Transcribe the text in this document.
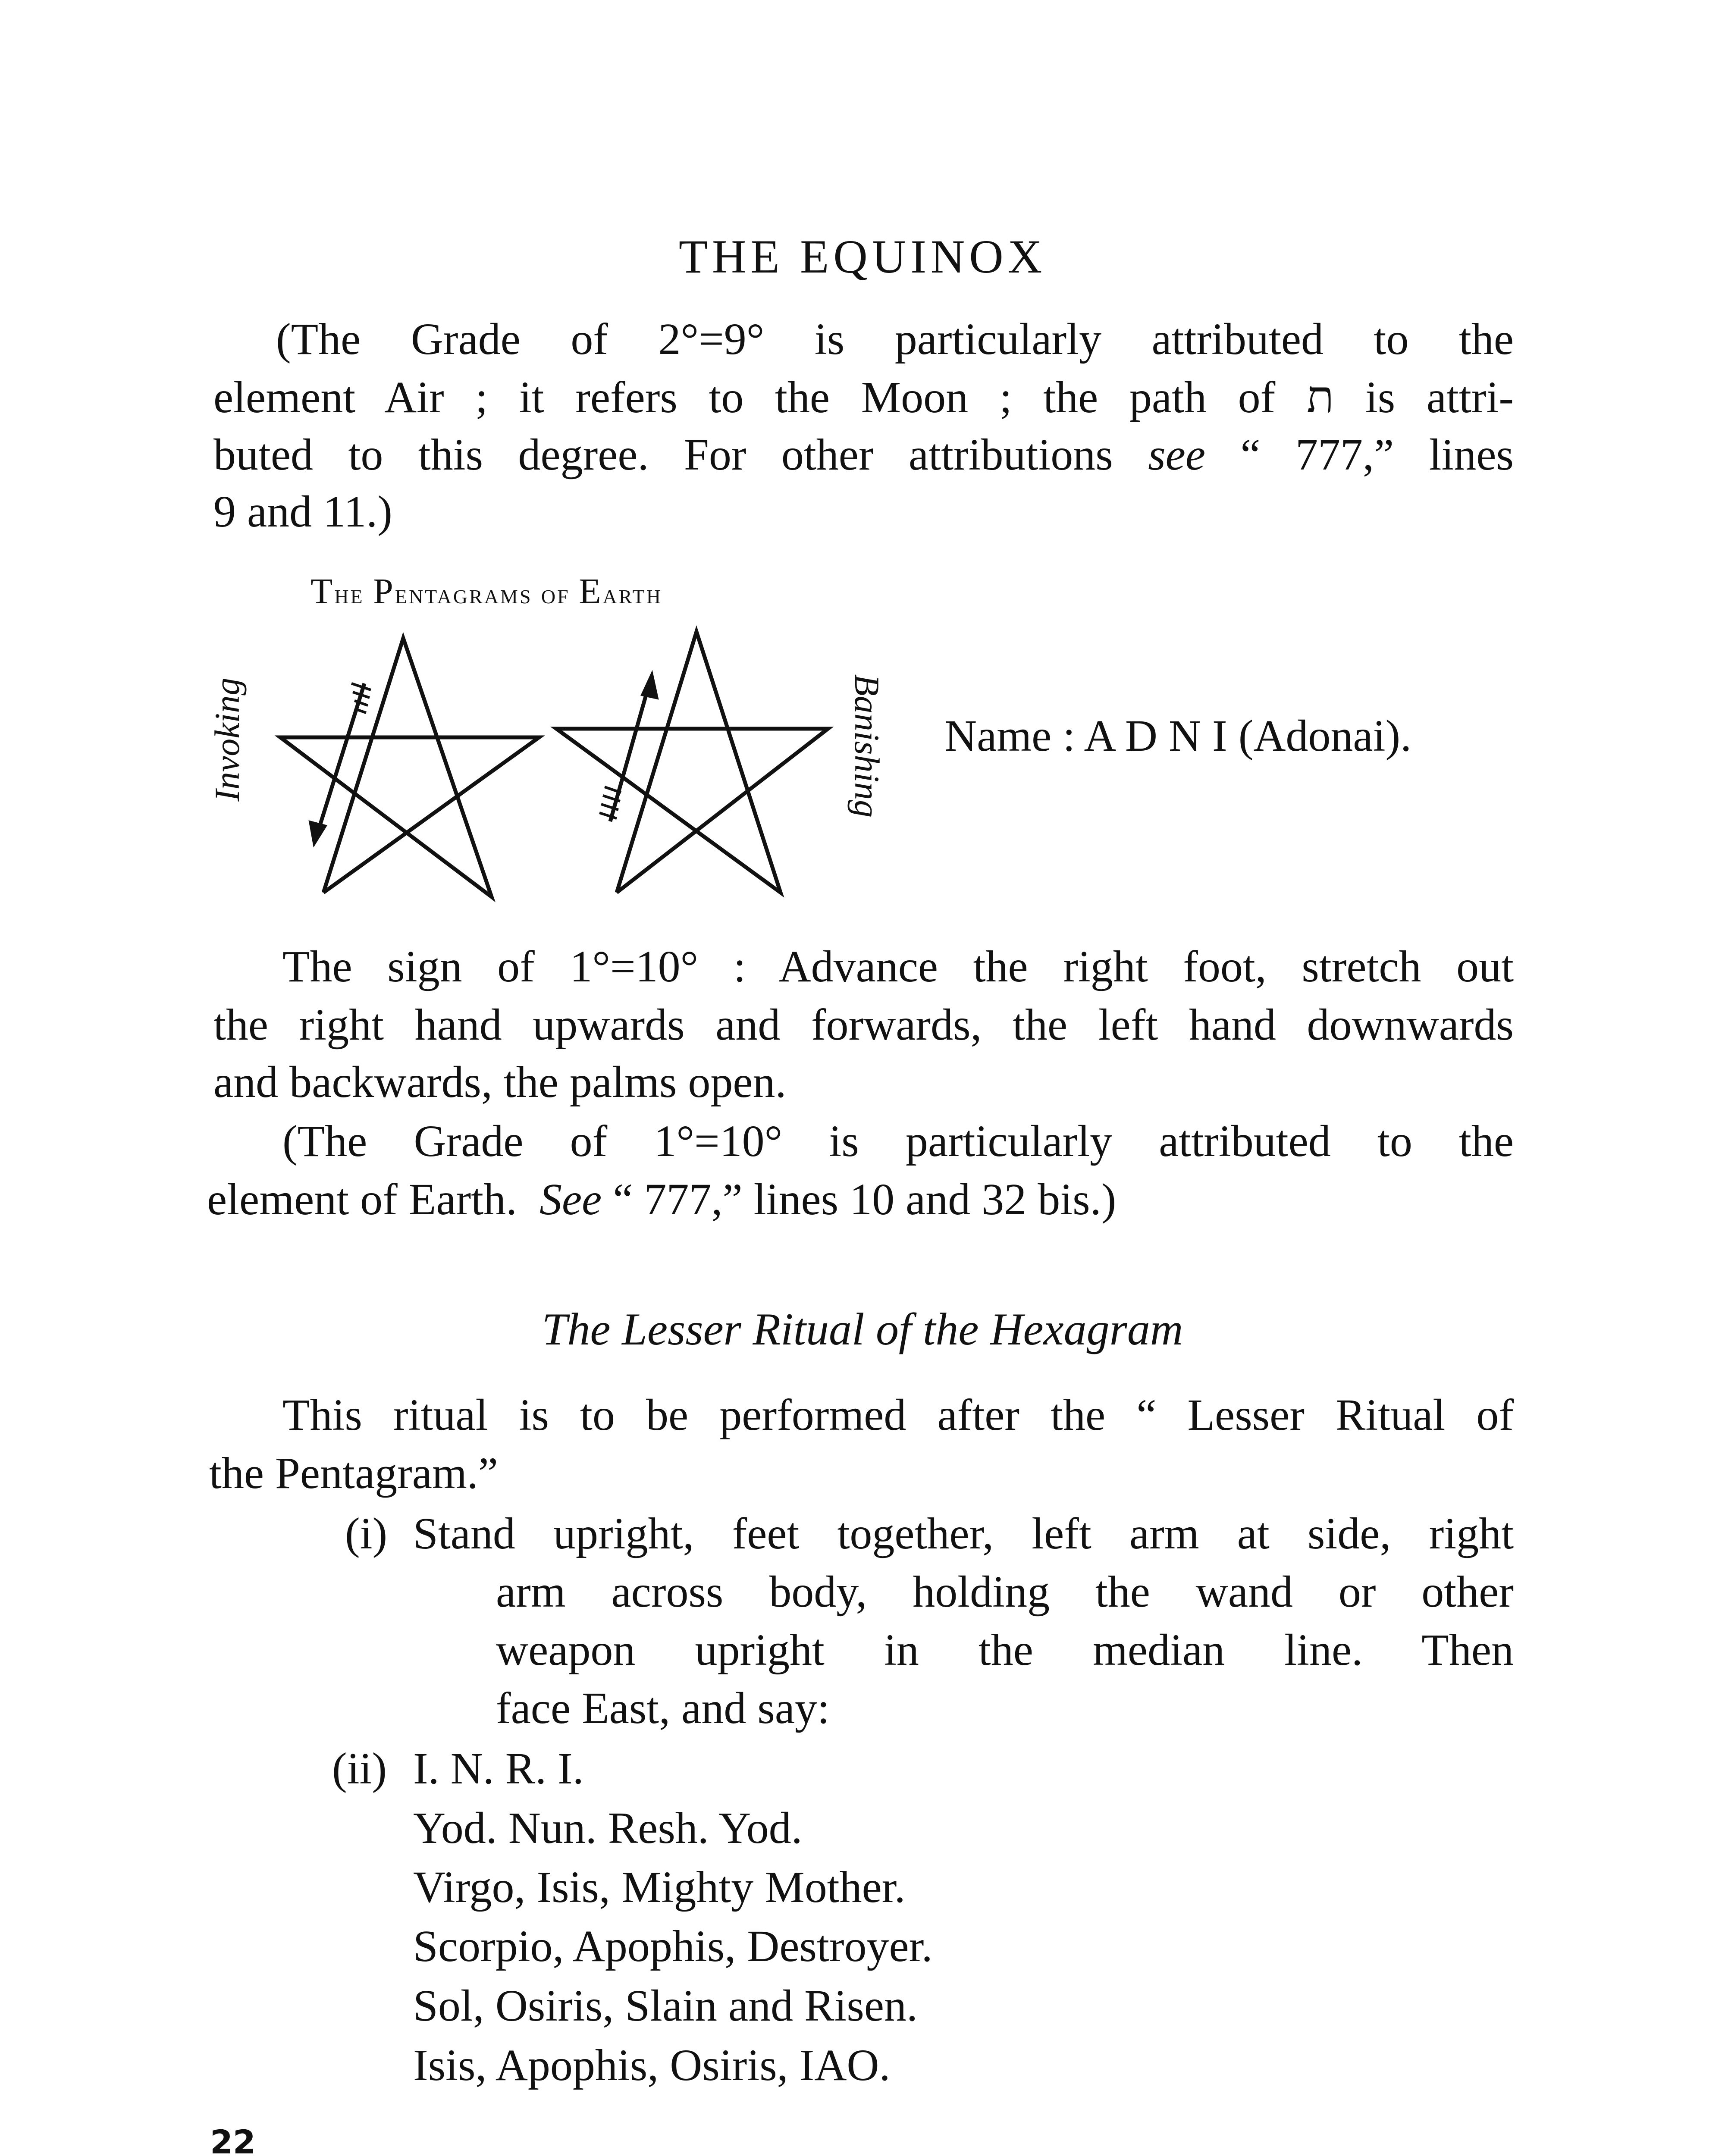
THE EQUINOX
(The Grade of 2°=9° is particularly attributed to the
element Air ; it refers to the Moon ; the path of ת is attri-
buted to this degree. For other attributions see “ 777,” lines
9 and 11.)
The Pentagrams of Earth
Invoking	Banishing Name : A D N I (Adonai).
The sign of 1°=10° : Advance the right foot, stretch out
the right hand upwards and forwards, the left hand downwards
and backwards, the palms open.
(The Grade of 1°=10° is particularly attributed to the
element of Earth. See “ 777,” lines 10 and 32 bis.)
The Lesser Ritual of the Hexagram
This ritual is to be performed after the “ Lesser Ritual of
the Pentagram.”
(i) Stand upright, feet together, left arm at side, right
arm across body, holding the wand or other
weapon upright in the median line. Then
face East, and say:
(ii) I. N. R. I.
Yod. Nun. Resh. Yod.
Virgo, Isis, Mighty Mother.
Scorpio, Apophis, Destroyer.
Sol, Osiris, Slain and Risen.
Isis, Apophis, Osiris, IAO.
22
